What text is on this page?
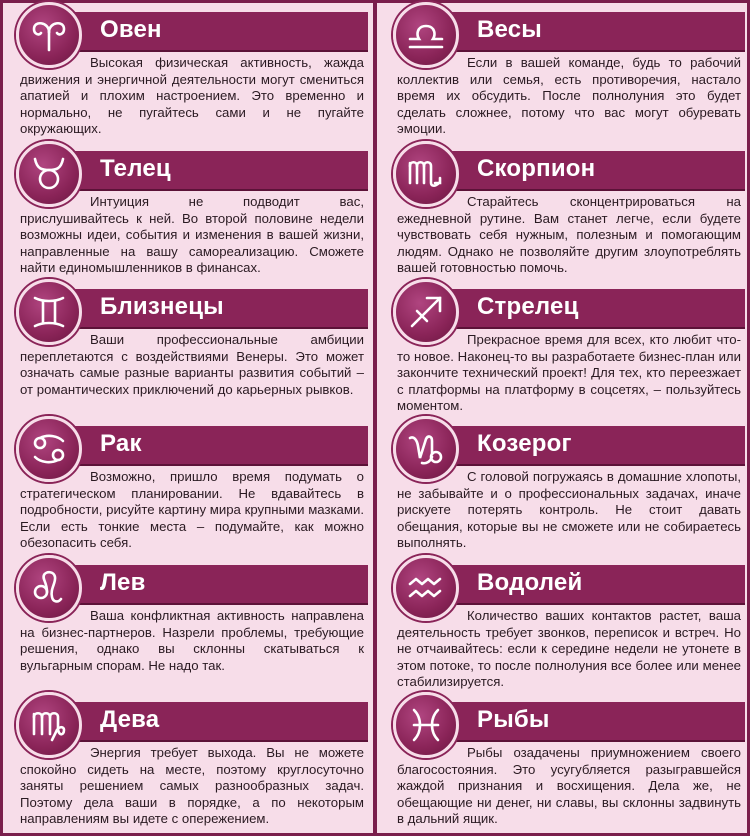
Овен
Высокая физическая активность, жажда движения и энергичной деятельности могут смениться апатией и плохим настроением. Это временно и нормально, не пугайтесь сами и не пугайте окружающих.
Телец
Интуиция не подводит вас, прислушивайтесь к ней. Во второй половине недели возможны идеи, события и изменения в вашей жизни, направленные на вашу самореализацию. Сможете найти единомышленников в финансах.
Близнецы
Ваши профессиональные амбиции переплетаются с воздействиями Венеры. Это может означать самые разные варианты развития событий – от романтических приключений до карьерных рывков.
Рак
Возможно, пришло время подумать о стратегическом планировании. Не вдавайтесь в подробности, рисуйте картину мира крупными мазками. Если есть тонкие места – подумайте, как можно обезопасить себя.
Лев
Ваша конфликтная активность направлена на бизнес-партнеров. Назрели проблемы, требующие решения, однако вы склонны скатываться к вульгарным спорам. Не надо так.
Дева
Энергия требует выхода. Вы не можете спокойно сидеть на месте, поэтому круглосуточно заняты решением самых разнообразных задач. Поэтому дела ваши в порядке, а по некоторым направлениям вы идете с опережением.
Весы
Если в вашей команде, будь то рабочий коллектив или семья, есть противоречия, настало время их обсудить. После полнолуния это будет сделать сложнее, потому что вас могут обуревать эмоции.
Скорпион
Старайтесь сконцентрироваться на ежедневной рутине. Вам станет легче, если будете чувствовать себя нужным, полезным и помогающим людям. Однако не позволяйте другим злоупотреблять вашей готовностью помочь.
Стрелец
Прекрасное время для всех, кто любит что-то новое. Наконец-то вы разработаете бизнес-план или закончите технический проект! Для тех, кто переезжает с платформы на платформу в соцсетях, – пользуйтесь моментом.
Козерог
С головой погружаясь в домашние хлопоты, не забывайте и о профессиональных задачах, иначе рискуете потерять контроль. Не стоит давать обещания, которые вы не сможете или не собираетесь выполнять.
Водолей
Количество ваших контактов растет, ваша деятельность требует звонков, переписок и встреч. Но не отчаивайтесь: если к середине недели не утонете в этом потоке, то после полнолуния все более или менее стабилизируется.
Рыбы
Рыбы озадачены приумножением своего благосостояния. Это усугубляется разыгравшейся жаждой признания и восхищения. Дела же, не обещающие ни денег, ни славы, вы склонны задвинуть в дальний ящик.
